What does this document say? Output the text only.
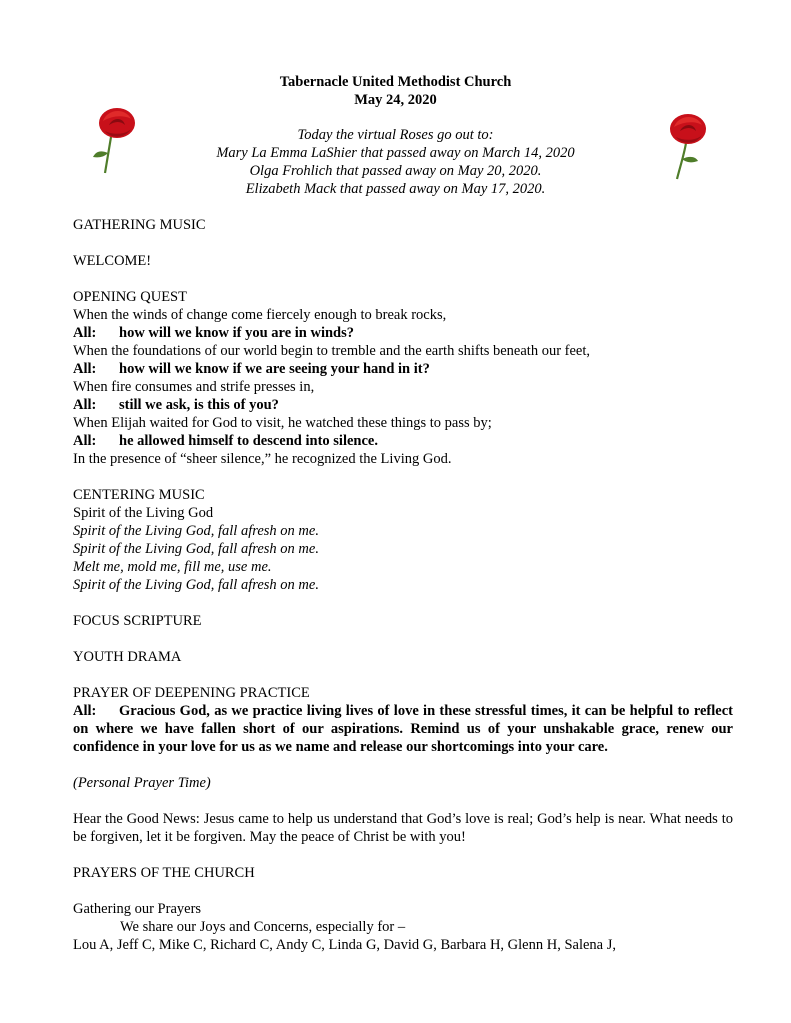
Tabernacle United Methodist Church
May 24, 2020
Today the virtual Roses go out to:
Mary La Emma LaShier that passed away on March 14, 2020
Olga Frohlich that passed away on May 20, 2020.
Elizabeth Mack that passed away on May 17, 2020.

GATHERING MUSIC

WELCOME!

OPENING QUEST

When the winds of change come fiercely enough to break rocks,

All:	how will we know if you are in winds?

When the foundations of our world begin to tremble and the earth shifts beneath our feet,

All:	how will we know if we are seeing your hand in it?

When fire consumes and strife presses in,

All:	still we ask, is this of you?

When Elijah waited for God to visit, he watched these things to pass by;

All:	he allowed himself to descend into silence.

In the presence of “sheer silence,” he recognized the Living God.

CENTERING MUSIC

Spirit of the Living God

Spirit of the Living God, fall afresh on me.

Spirit of the Living God, fall afresh on me.

Melt me, mold me, fill me, use me.

Spirit of the Living God, fall afresh on me.

FOCUS SCRIPTURE

YOUTH DRAMA

PRAYER OF DEEPENING PRACTICE

All: Gracious God, as we practice living lives of love in these stressful times, it can be helpful to reflect on where we have fallen short of our aspirations. Remind us of your unshakable grace, renew our confidence in your love for us as we name and release our shortcomings into your care.

(Personal Prayer Time)

Hear the Good News: Jesus came to help us understand that God’s love is real; God’s help is near. What needs to be forgiven, let it be forgiven. May the peace of Christ be with you!

PRAYERS OF THE CHURCH

Gathering our Prayers

We share our Joys and Concerns, especially for –

Lou A, Jeff C, Mike C, Richard C, Andy C, Linda G, David G, Barbara H, Glenn H, Salena J,
